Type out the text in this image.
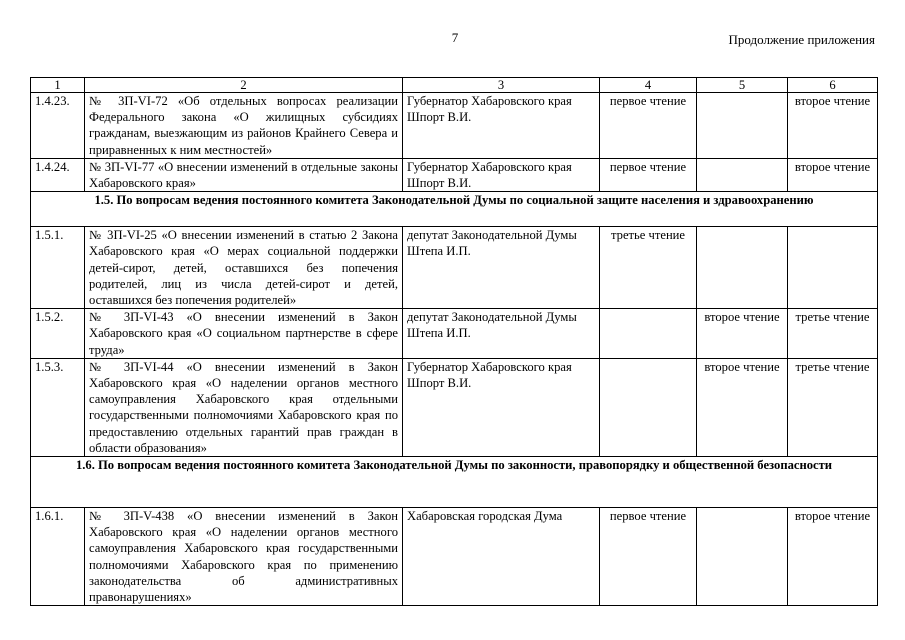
7	Продолжение приложения
1	2	3	4	5	6
1.4.23.	№ 3П-VI-72 «Об отдельных вопросах реализации Федерального закона «О жилищных субсидиях гражданам, выезжающим из районов Крайнего Севера и приравненных к ним местностей»	Губернатор Хабаровского края Шпорт В.И.	первое чтение		второе чтение
1.4.24.	№ 3П-VI-77 «О внесении изменений в отдельные законы Хабаровского края»	Губернатор Хабаровского края Шпорт В.И.	первое чтение		второе чтение
1.5. По вопросам ведения постоянного комитета Законодательной Думы по социальной защите населения и здравоохранению					
1.5.1.	№ 3П-VI-25 «О внесении изменений в статью 2 Закона Хабаровского края «О мерах социальной поддержки детей-сирот, детей, оставшихся без попечения родителей, лиц из числа детей-сирот и детей, оставшихся без попечения родителей»	депутат Законодательной Думы Штепа И.П.	третье чтение		
1.5.2.	№ 3П-VI-43 «О внесении изменений в Закон Хабаровского края «О социальном партнерстве в сфере труда»	депутат Законодательной Думы Штепа И.П.		второе чтение	третье чтение
1.5.3.	№ 3П-VI-44 «О внесении изменений в Закон Хабаровского края «О наделении органов местного самоуправления Хабаровского края отдельными государственными полномочиями Хабаровского края по предоставлению отдельных гарантий прав граждан в области образования»	Губернатор Хабаровского края Шпорт В.И.		второе чтение	третье чтение
1.6. По вопросам ведения постоянного комитета Законодательной Думы по законности, правопорядку и общественной безопасности					
1.6.1.	№ 3П-V-438 «О внесении изменений в Закон Хабаровского края «О наделении органов местного самоуправления Хабаровского края государственными полномочиями Хабаровского края по применению законодательства об административных правонарушениях»	Хабаровская городская Дума	первое чтение		второе чтение
